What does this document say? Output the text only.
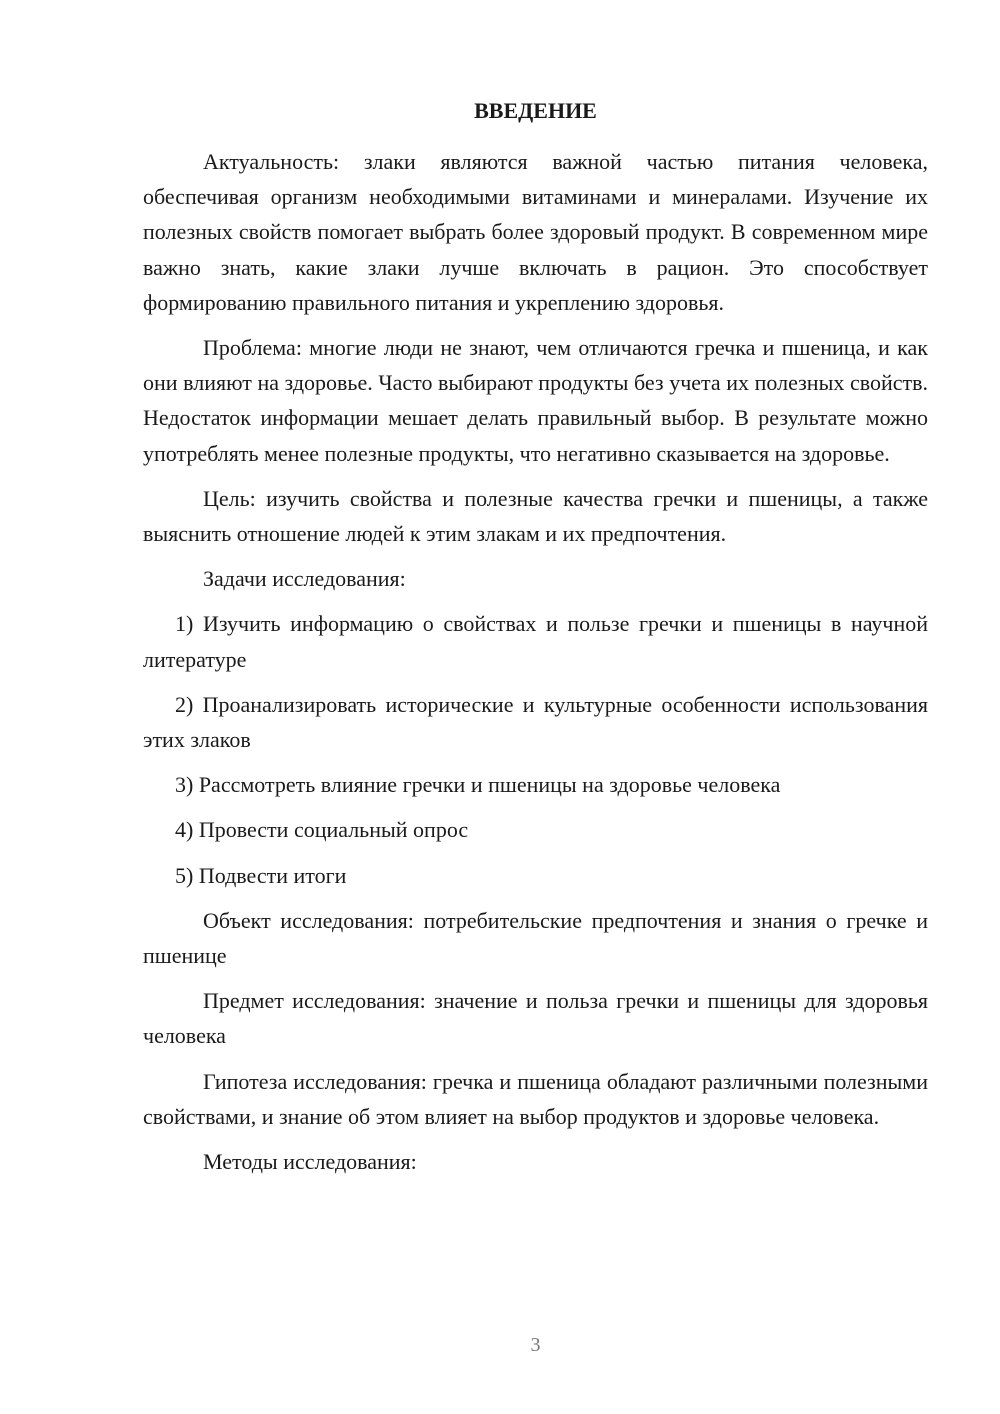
ВВЕДЕНИЕ

Актуальность: злаки являются важной частью питания человека, обеспечивая организм необходимыми витаминами и минералами. Изучение их полезных свойств помогает выбрать более здоровый продукт. В современном мире важно знать, какие злаки лучше включать в рацион. Это способствует формированию правильного питания и укреплению здоровья.

Проблема: многие люди не знают, чем отличаются гречка и пшеница, и как они влияют на здоровье. Часто выбирают продукты без учета их полезных свойств. Недостаток информации мешает делать правильный выбор. В результате можно употреблять менее полезные продукты, что негативно сказывается на здоровье.

Цель: изучить свойства и полезные качества гречки и пшеницы, а также выяснить отношение людей к этим злакам и их предпочтения.

Задачи исследования:

1) Изучить информацию о свойствах и пользе гречки и пшеницы в научной литературе

2) Проанализировать исторические и культурные особенности использования этих злаков

3) Рассмотреть влияние гречки и пшеницы на здоровье человека

4) Провести социальный опрос

5) Подвести итоги

Объект исследования: потребительские предпочтения и знания о гречке и пшенице

Предмет исследования: значение и польза гречки и пшеницы для здоровья человека

Гипотеза исследования: гречка и пшеница обладают различными полезными свойствами, и знание об этом влияет на выбор продуктов и здоровье человека.

Методы исследования:

3
